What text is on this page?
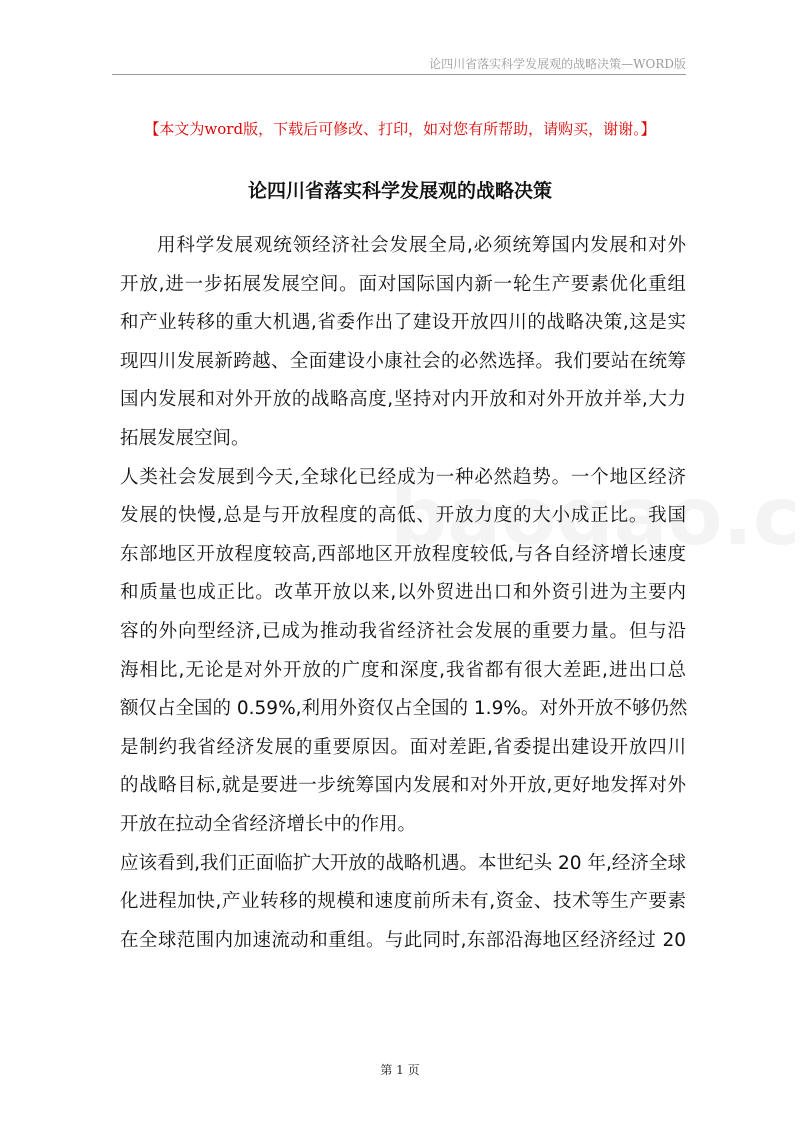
论四川省落实科学发展观的战略决策—WORD版
【本文为word版，下载后可修改、打印，如对您有所帮助，请购买，谢谢。】
论四川省落实科学发展观的战略决策
用科学发展观统领经济社会发展全局,必须统筹国内发展和对外
开放,进一步拓展发展空间。面对国际国内新一轮生产要素优化重组
和产业转移的重大机遇,省委作出了建设开放四川的战略决策,这是实
现四川发展新跨越、全面建设小康社会的必然选择。我们要站在统筹
国内发展和对外开放的战略高度,坚持对内开放和对外开放并举,大力
拓展发展空间。
人类社会发展到今天,全球化已经成为一种必然趋势。一个地区经济
发展的快慢,总是与开放程度的高低、开放力度的大小成正比。我国
东部地区开放程度较高,西部地区开放程度较低,与各自经济增长速度
和质量也成正比。改革开放以来,以外贸进出口和外资引进为主要内
容的外向型经济,已成为推动我省经济社会发展的重要力量。但与沿
海相比,无论是对外开放的广度和深度,我省都有很大差距,进出口总
额仅占全国的 0.59%,利用外资仅占全国的 1.9%。对外开放不够仍然
是制约我省经济发展的重要原因。面对差距,省委提出建设开放四川
的战略目标,就是要进一步统筹国内发展和对外开放,更好地发挥对外
开放在拉动全省经济增长中的作用。
应该看到,我们正面临扩大开放的战略机遇。本世纪头 20 年,经济全球
化进程加快,产业转移的规模和速度前所未有,资金、技术等生产要素
在全球范围内加速流动和重组。与此同时,东部沿海地区经济经过 20
第 1 页
